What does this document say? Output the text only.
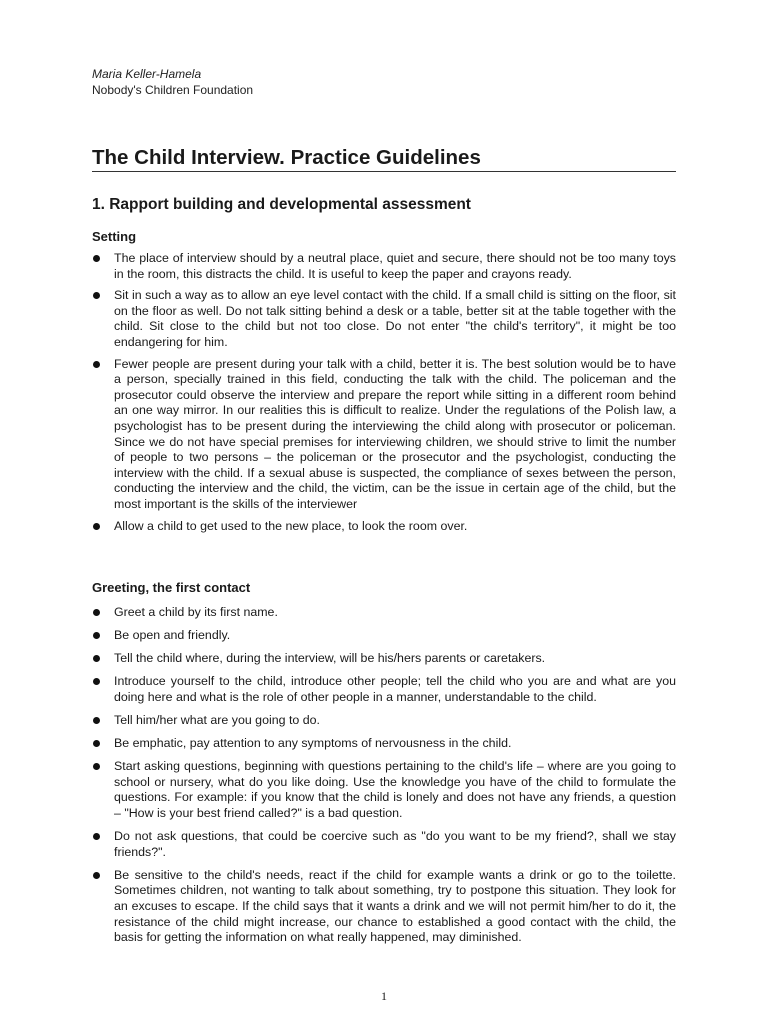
Maria Keller-Hamela
Nobody's Children Foundation
The Child Interview. Practice Guidelines
1. Rapport building and developmental assessment
Setting
The place of interview should by a neutral place, quiet and secure, there should not be too many toys in the room, this distracts the child. It is useful to keep the paper and crayons ready.
Sit in such a way as to allow an eye level contact with the child. If a small child is sitting on the floor, sit on the floor as well. Do not talk sitting behind a desk or a table, better sit at the table together with the child. Sit close to the child but not too close. Do not enter "the child's territory", it might be too endangering for him.
Fewer people are present during your talk with a child, better it is. The best solution would be to have a person, specially trained in this field, conducting the talk with the child. The policeman and the prosecutor could observe the interview and prepare the report while sitting in a different room behind an one way mirror. In our realities this is difficult to realize. Under the regulations of the Polish law, a psychologist has to be present during the interviewing the child along with prosecutor or policeman. Since we do not have special premises for interviewing children, we should strive to limit the number of people to two persons – the policeman or the prosecutor and the psychologist, conducting the interview with the child. If a sexual abuse is suspected, the compliance of sexes between the person, conducting the interview and the child, the victim, can be the issue in certain age of the child, but the most important is the skills of the interviewer
Allow a child to get used to the new place, to look the room over.
Greeting, the first contact
Greet a child by its first name.
Be open and friendly.
Tell the child where, during the interview, will be his/hers parents or caretakers.
Introduce yourself to the child, introduce other people; tell the child who you are and what are you doing here and what is the role of other people in a manner, understandable to the child.
Tell him/her what are you going to do.
Be emphatic, pay attention to any symptoms of nervousness in the child.
Start asking questions, beginning with questions pertaining to the child's life – where are you going to school or nursery, what do you like doing. Use the knowledge you have of the child to formulate the questions. For example: if you know that the child is lonely and does not have any friends, a question – "How is your best friend called?" is a bad question.
Do not ask questions, that could be coercive such as "do you want to be my friend?, shall we stay friends?".
Be sensitive to the child's needs, react if the child for example wants a drink or go to the toilette. Sometimes children, not wanting to talk about something, try to postpone this situation. They look for an excuses to escape. If the child says that it wants a drink and we will not permit him/her to do it, the resistance of the child might increase, our chance to established a good contact with the child, the basis for getting the information on what really happened, may diminished.
1
